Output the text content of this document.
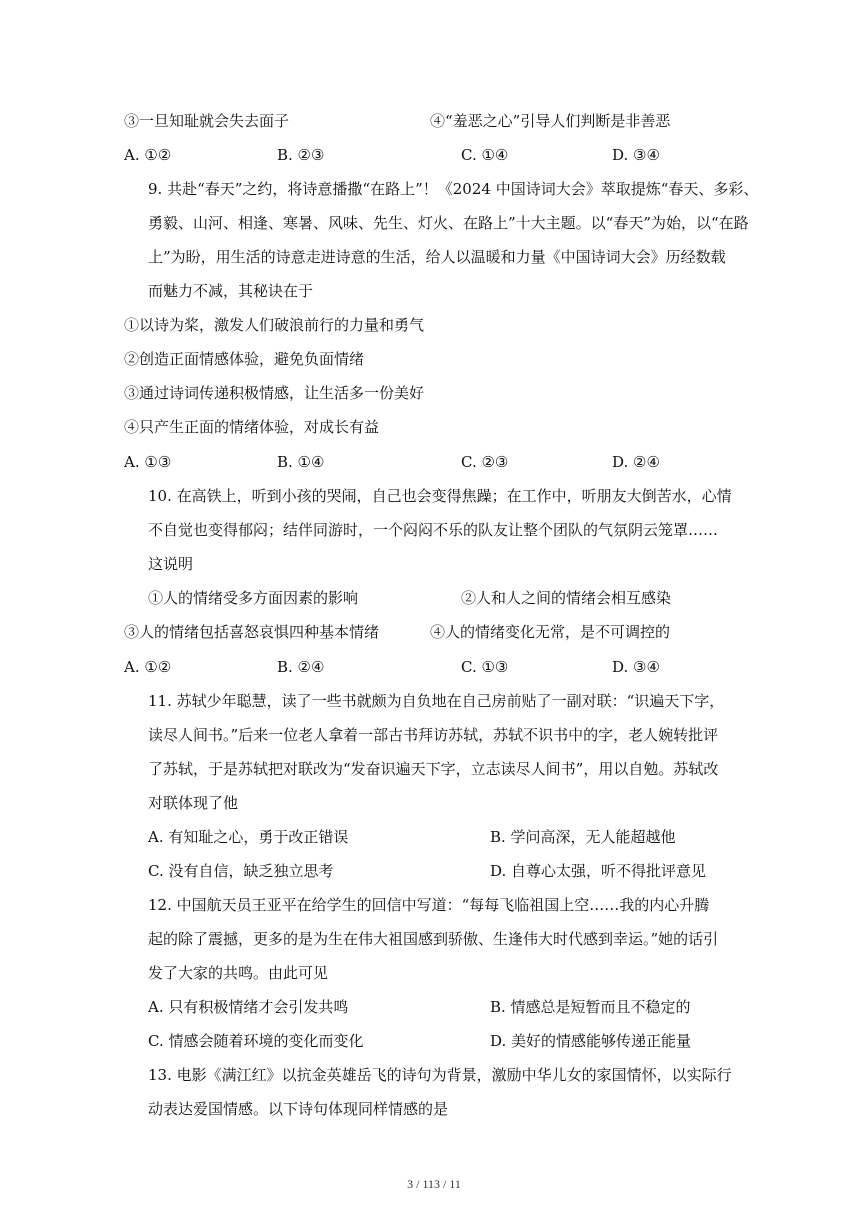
③一旦知耻就会失去面子	④“羞恶之心”引导人们判断是非善恶
A. ①②	B. ②③	C. ①④	D. ③④
9. 共赴“春天”之约，将诗意播撒“在路上”！《2024 中国诗词大会》萃取提炼“春天、多彩、
勇毅、山河、相逢、寒暑、风味、先生、灯火、在路上”十大主题。以“春天”为始，以“在路
上”为盼，用生活的诗意走进诗意的生活，给人以温暖和力量《中国诗词大会》历经数载
而魅力不减，其秘诀在于
①以诗为桨，激发人们破浪前行的力量和勇气
②创造正面情感体验，避免负面情绪
③通过诗词传递积极情感，让生活多一份美好
④只产生正面的情绪体验，对成长有益
A. ①③	B. ①④	C. ②③	D. ②④
10. 在高铁上，听到小孩的哭闹，自己也会变得焦躁；在工作中，听朋友大倒苦水，心情
不自觉也变得郁闷；结伴同游时，一个闷闷不乐的队友让整个团队的气氛阴云笼罩……
这说明
①人的情绪受多方面因素的影响	②人和人之间的情绪会相互感染
③人的情绪包括喜怒哀惧四种基本情绪	④人的情绪变化无常，是不可调控的
A. ①②	B. ②④	C. ①③	D. ③④
11. 苏轼少年聪慧，读了一些书就颇为自负地在自己房前贴了一副对联：“识遍天下字，
读尽人间书。”后来一位老人拿着一部古书拜访苏轼，苏轼不识书中的字，老人婉转批评
了苏轼，于是苏轼把对联改为“发奋识遍天下字，立志读尽人间书”，用以自勉。苏轼改
对联体现了他
A. 有知耻之心，勇于改正错误	B. 学问高深，无人能超越他
C. 没有自信，缺乏独立思考	D. 自尊心太强，听不得批评意见
12. 中国航天员王亚平在给学生的回信中写道：“每每飞临祖国上空……我的内心升腾
起的除了震撼，更多的是为生在伟大祖国感到骄傲、生逢伟大时代感到幸运。”她的话引
发了大家的共鸣。由此可见
A. 只有积极情绪才会引发共鸣	B. 情感总是短暂而且不稳定的
C. 情感会随着环境的变化而变化	D. 美好的情感能够传递正能量
13. 电影《满江红》以抗金英雄岳飞的诗句为背景，激励中华儿女的家国情怀，以实际行
动表达爱国情感。以下诗句体现同样情感的是
3 / 113 / 11
